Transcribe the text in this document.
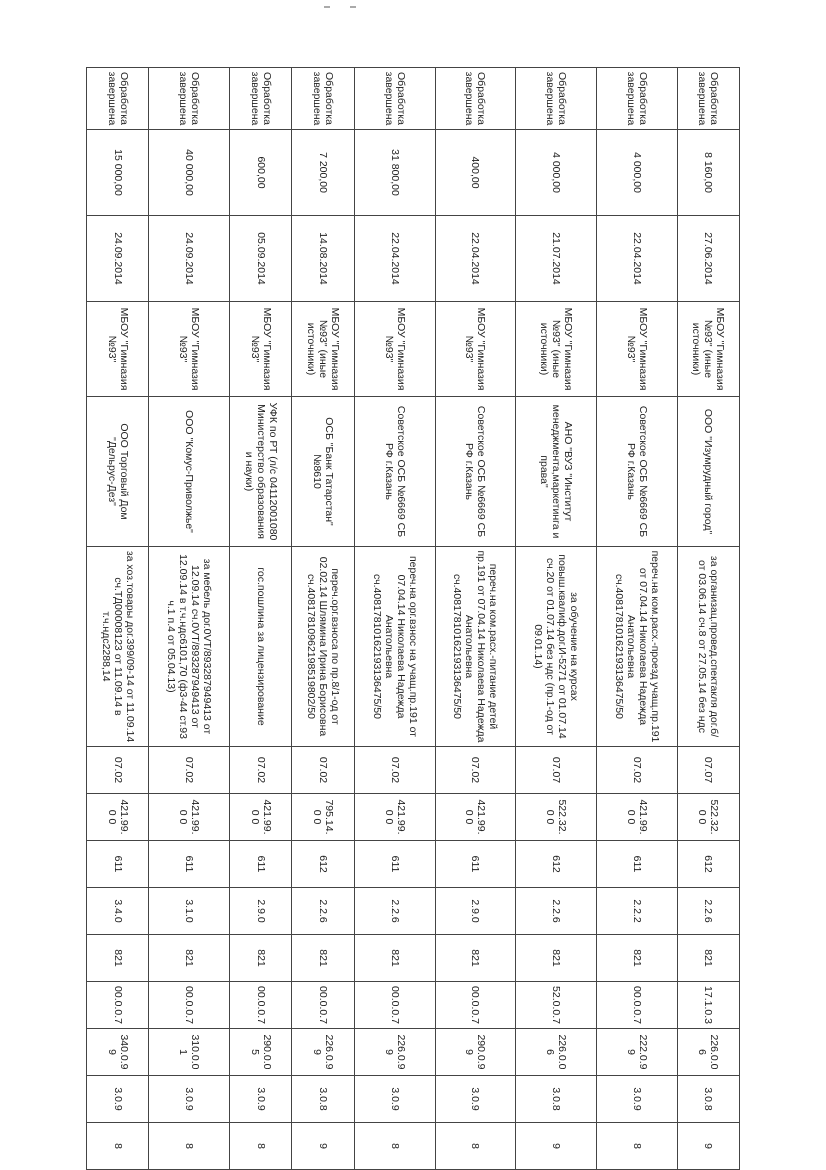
Обработка завершена	8 160,00	27.06.2014	МБОУ "Гимназия №93" (иные источники)	ООО "Изумрудный город"	за организац.провед.спектакля дог.б/ от 03.06.14 сч.8 от 27.05.14 без ндс	07.07	522.32.0 0	612	2.2.6	821	17.1.0.3	226.0.06	3.0.8	9
Обработка завершена	4 000,00	22.04.2014	МБОУ "Гимназия №93"	Советское ОСБ №6669 СБ РФ г.Казань	переч.на ком.расх.-проезд учащ.пр.191 от 07.04.14 Николаева Надежда Анатольевна сч.40817810162193136475/50	07.02	421.99.0 0	611	2.2.2	821	00.0.0.7	222.0.99	3.0.9	8
Обработка завершена	4 000,00	21.07.2014	МБОУ "Гимназия №93" (иные источники)	АНО "ВУЗ "Институт менеджмента,маркетинга и права"	за обучение на курсах повыш.квалиф.дог.И-5271 от 01.07.14 сч.20 от 01.07.14 без ндс (пр.1-од от 09.01.14)	07.07	522.32.0 0	612	2.2.6	821	52.0.0.7	226.0.06	3.0.8	9
Обработка завершена	400,00	22.04.2014	МБОУ "Гимназия №93"	Советское ОСБ №6669 СБ РФ г.Казань	переч.на ком.расх.-питание детей пр.191 от 07.04.14 Николаева Надежда Анатольевна сч.40817810162193136475/50	07.02	421.99.0 0	611	2.9.0	821	00.0.0.7	290.0.99	3.0.9	8
Обработка завершена	31 800,00	22.04.2014	МБОУ "Гимназия №93"	Советское ОСБ №6669 СБ РФ г.Казань	переч.на орг.взнос на учащ.пр.191 от 07.04.14 Николаева Надежда Анатольевна сч.40817810162193136475/50	07.02	421.99.0 0	611	2.2.6	821	00.0.0.7	226.0.99	3.0.9	8
Обработка завершена	7 200,00	14.08.2014	МБОУ "Гимназия №93" (иные источники)	ОСБ "Банк Татарстан" №8610	переч.орг.взноса по пр.8/1-од от 02.02.14 Шлямина Ирина Борисовна сч.40817810962198519802/50	07.02	795.14.0 0	612	2.2.6	821	00.0.0.7	226.0.99	3.0.8	9
Обработка завершена	600,00	05.09.2014	МБОУ "Гимназия №93"	УФК по РТ (л/с 04112001080 Министерство образования и науки)	гос.пошлина за лицензирование	07.02	421.99.0 0	611	2.9.0	821	00.0.0.7	290.0.05	3.0.9	8
Обработка завершена	40 000,00	24.09.2014	МБОУ "Гимназия №93"	ООО "Комус-Приволжье"	за мебель дог.0VT/893287949413 от 12.09.14 сч.0VT/893287949413 от 12.09.14 в т.ч.ндс6101,70 (ф3-44 ст.93 ч.1 п.4 от 05.04.13)	07.02	421.99.0 0	611	3.1.0	821	00.0.0.7	310.0.01	3.0.9	8
Обработка завершена	15 000,00	24.09.2014	МБОУ "Гимназия №93"	ООО Торговый Дом "Дельрус-Дез"	за хоз.товары дог.399/09-14 от 11.09.14 сч.ТД00008123 от 11.09.14 в т.ч.ндс2288,14	07.02	421.99.0 0	611	3.4.0	821	00.0.0.7	340.0.99	3.0.9	8
